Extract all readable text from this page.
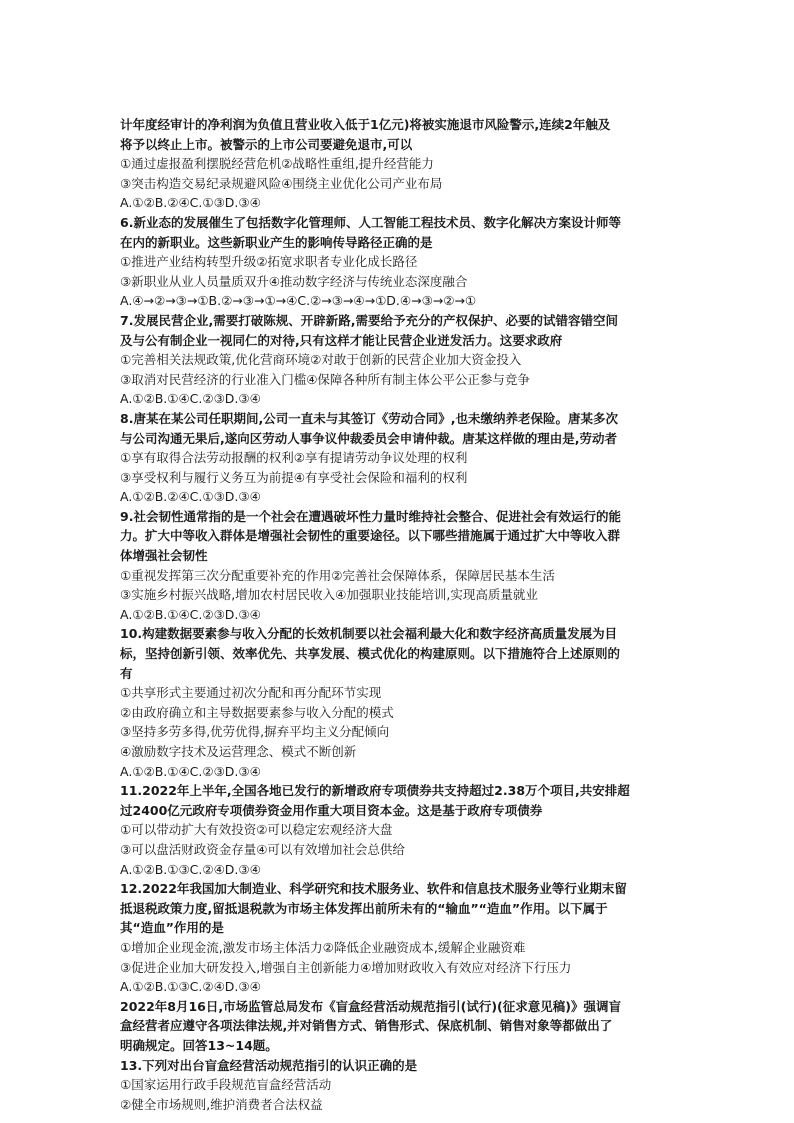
计年度经审计的净利润为负值且营业收入低于1亿元)将被实施退市风险警示,连续2年触及

将予以终止上市。被警示的上市公司要避免退市,可以

①通过虚报盈利摆脱经营危机②战略性重组,提升经营能力

③突击构造交易纪录规避风险④围绕主业优化公司产业布局

A.①②B.②④C.①③D.③④

6.新业态的发展催生了包括数字化管理师、人工智能工程技术员、数字化解决方案设计师等

在内的新职业。这些新职业产生的影响传导路径正确的是

①推进产业结构转型升级②拓宽求职者专业化成长路径

③新职业从业人员量质双升④推动数字经济与传统业态深度融合

A.④→②→③→①B.②→③→①→④C.②→③→④→①D.④→③→②→①

7.发展民营企业,需要打破陈规、开辟新路,需要给予充分的产权保护、必要的试错容错空间

及与公有制企业一视同仁的对待,只有这样才能让民营企业迸发活力。这要求政府

①完善相关法规政策,优化营商环境②对敢于创新的民营企业加大资金投入

③取消对民营经济的行业准入门槛④保障各种所有制主体公平公正参与竞争

A.①②B.①④C.②③D.③④

8.唐某在某公司任职期间,公司一直未与其签订《劳动合同》,也未缴纳养老保险。唐某多次

与公司沟通无果后,遂向区劳动人事争议仲裁委员会申请仲裁。唐某这样做的理由是,劳动者

①享有取得合法劳动报酬的权利②享有提请劳动争议处理的权利

③享受权利与履行义务互为前提④有享受社会保险和福利的权利

A.①②B.②④C.①③D.③④

9.社会韧性通常指的是一个社会在遭遇破坏性力量时维持社会整合、促进社会有效运行的能

力。扩大中等收入群体是增强社会韧性的重要途径。以下哪些措施属于通过扩大中等收入群

体增强社会韧性

①重视发挥第三次分配重要补充的作用②完善社会保障体系，保障居民基本生活

③实施乡村振兴战略,增加农村居民收入④加强职业技能培训,实现高质量就业

A.①②B.①④C.②③D.③④

10.构建数据要素参与收入分配的长效机制要以社会福利最大化和数字经济高质量发展为目

标，坚持创新引领、效率优先、共享发展、模式优化的构建原则。以下措施符合上述原则的

有

①共享形式主要通过初次分配和再分配环节实现

②由政府确立和主导数据要素参与收入分配的模式

③坚持多劳多得,优劳优得,摒弃平均主义分配倾向

④激励数字技术及运营理念、模式不断创新

A.①②B.①④C.②③D.③④

11.2022年上半年,全国各地已发行的新增政府专项债券共支持超过2.38万个项目,共安排超

过2400亿元政府专项债券资金用作重大项目资本金。这是基于政府专项债券

①可以带动扩大有效投资②可以稳定宏观经济大盘

③可以盘活财政资金存量④可以有效增加社会总供给

A.①②B.①③C.②④D.③④

12.2022年我国加大制造业、科学研究和技术服务业、软件和信息技术服务业等行业期末留

抵退税政策力度,留抵退税款为市场主体发挥出前所未有的“输血”“造血”作用。以下属于

其“造血”作用的是

①增加企业现金流,激发市场主体活力②降低企业融资成本,缓解企业融资难

③促进企业加大研发投入,增强自主创新能力④增加财政收入有效应对经济下行压力

A.①②B.①③C.②④D.③④

2022年8月16日,市场监管总局发布《盲盒经营活动规范指引(试行)(征求意见稿)》强调盲

盒经营者应遵守各项法律法规,并对销售方式、销售形式、保底机制、销售对象等都做出了

明确规定。回答13~14题。

13.下列对出台盲盒经营活动规范指引的认识正确的是

①国家运用行政手段规范盲盒经营活动

②健全市场规则,维护消费者合法权益
